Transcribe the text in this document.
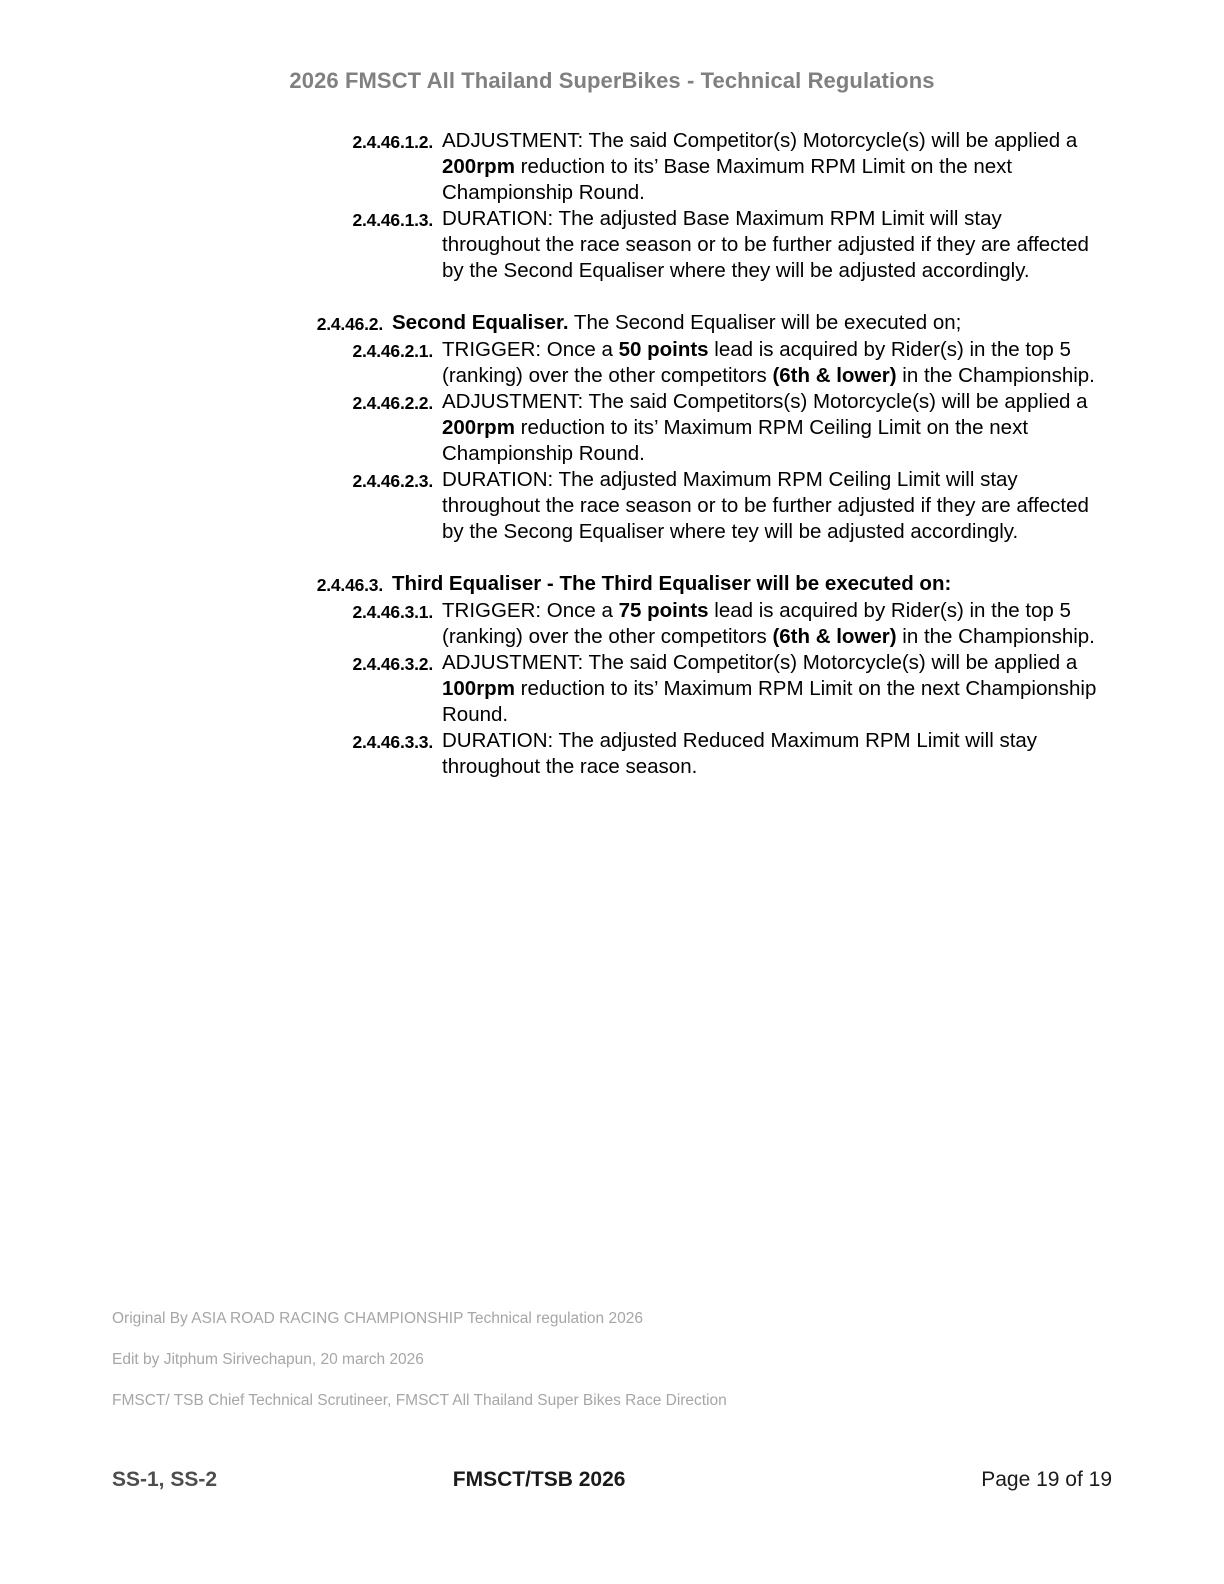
2026 FMSCT All Thailand SuperBikes - Technical Regulations
2.4.46.1.2. ADJUSTMENT: The said Competitor(s) Motorcycle(s) will be applied a 200rpm reduction to its’ Base Maximum RPM Limit on the next Championship Round.
2.4.46.1.3. DURATION: The adjusted Base Maximum RPM Limit will stay throughout the race season or to be further adjusted if they are affected by the Second Equaliser where they will be adjusted accordingly.
2.4.46.2. Second Equaliser. The Second Equaliser will be executed on;
2.4.46.2.1. TRIGGER: Once a 50 points lead is acquired by Rider(s) in the top 5 (ranking) over the other competitors (6th & lower) in the Championship.
2.4.46.2.2. ADJUSTMENT: The said Competitors(s) Motorcycle(s) will be applied a 200rpm reduction to its’ Maximum RPM Ceiling Limit on the next Championship Round.
2.4.46.2.3. DURATION: The adjusted Maximum RPM Ceiling Limit will stay throughout the race season or to be further adjusted if they are affected by the Secong Equaliser where tey will be adjusted accordingly.
2.4.46.3. Third Equaliser - The Third Equaliser will be executed on:
2.4.46.3.1. TRIGGER: Once a 75 points lead is acquired by Rider(s) in the top 5 (ranking) over the other competitors (6th & lower) in the Championship.
2.4.46.3.2. ADJUSTMENT: The said Competitor(s) Motorcycle(s) will be applied a 100rpm reduction to its’ Maximum RPM Limit on the next Championship Round.
2.4.46.3.3. DURATION: The adjusted Reduced Maximum RPM Limit will stay throughout the race season.
Original By ASIA ROAD RACING CHAMPIONSHIP Technical regulation 2026
Edit by Jitphum Sirivechapun, 20 march 2026
FMSCT/ TSB Chief Technical Scrutineer, FMSCT All Thailand Super Bikes Race Direction
SS-1, SS-2	FMSCT/TSB 2026	Page 19 of 19
